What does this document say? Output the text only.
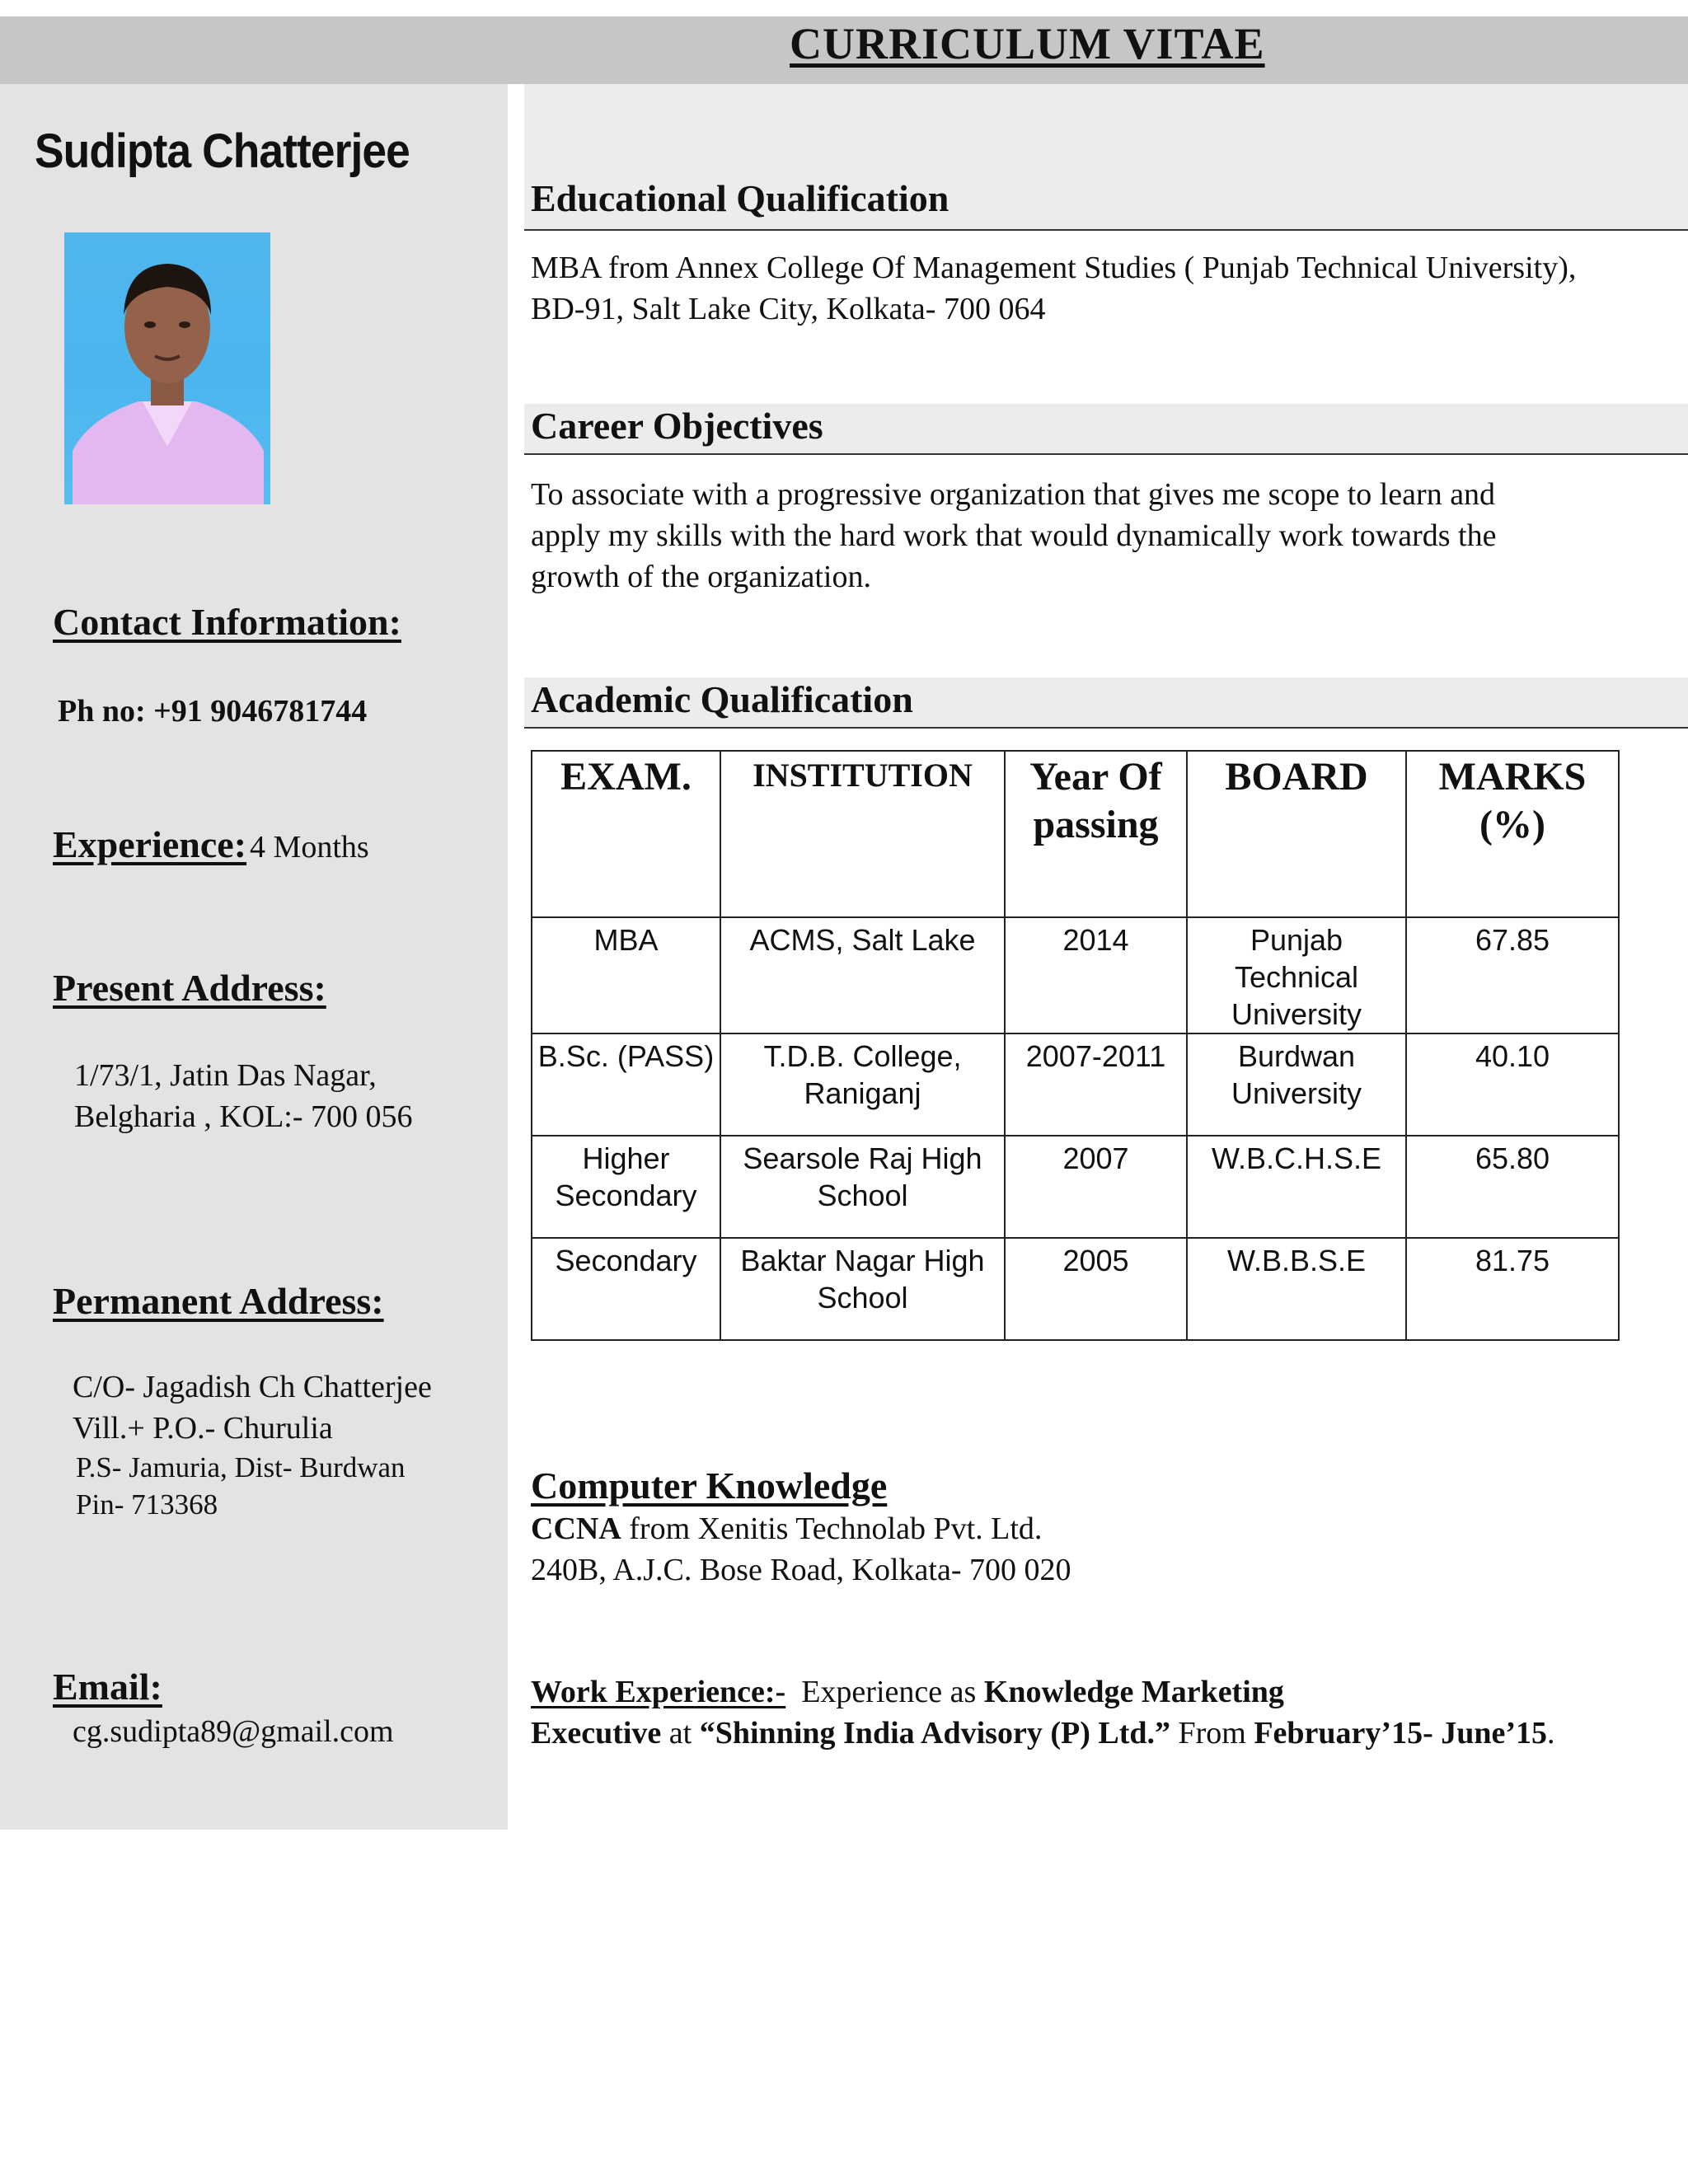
CURRICULUM VITAE
Sudipta Chatterjee
Contact Information:
Ph no: +91 9046781744
Experience: 4 Months
Present Address:
1/73/1, Jatin Das Nagar,
Belgharia , KOL:- 700 056
Permanent Address:
C/O- Jagadish Ch Chatterjee
Vill.+ P.O.- Churulia
P.S- Jamuria, Dist- Burdwan
Pin- 713368
Email:
cg.sudipta89@gmail.com
Educational Qualification
MBA from Annex College Of Management Studies ( Punjab Technical University),
BD-91, Salt Lake City, Kolkata- 700 064
Career Objectives
To associate with a progressive organization that gives me scope to learn and
apply my skills with the hard work that would dynamically work towards the
growth of the organization.
Academic Qualification
EXAM.	INSTITUTION	Year Of passing	BOARD	MARKS (%)
MBA	ACMS, Salt Lake	2014	Punjab Technical University	67.85
B.Sc. (PASS)	T.D.B. College, Raniganj	2007-2011	Burdwan University	40.10
Higher Secondary	Searsole Raj High School	2007	W.B.C.H.S.E	65.80
Secondary	Baktar Nagar High School	2005	W.B.B.S.E	81.75
Computer Knowledge
CCNA from Xenitis Technolab Pvt. Ltd.
240B, A.J.C. Bose Road, Kolkata- 700 020
Work Experience:-  Experience as Knowledge Marketing
Executive at “Shinning India Advisory (P) Ltd.” From February’15- June’15.
